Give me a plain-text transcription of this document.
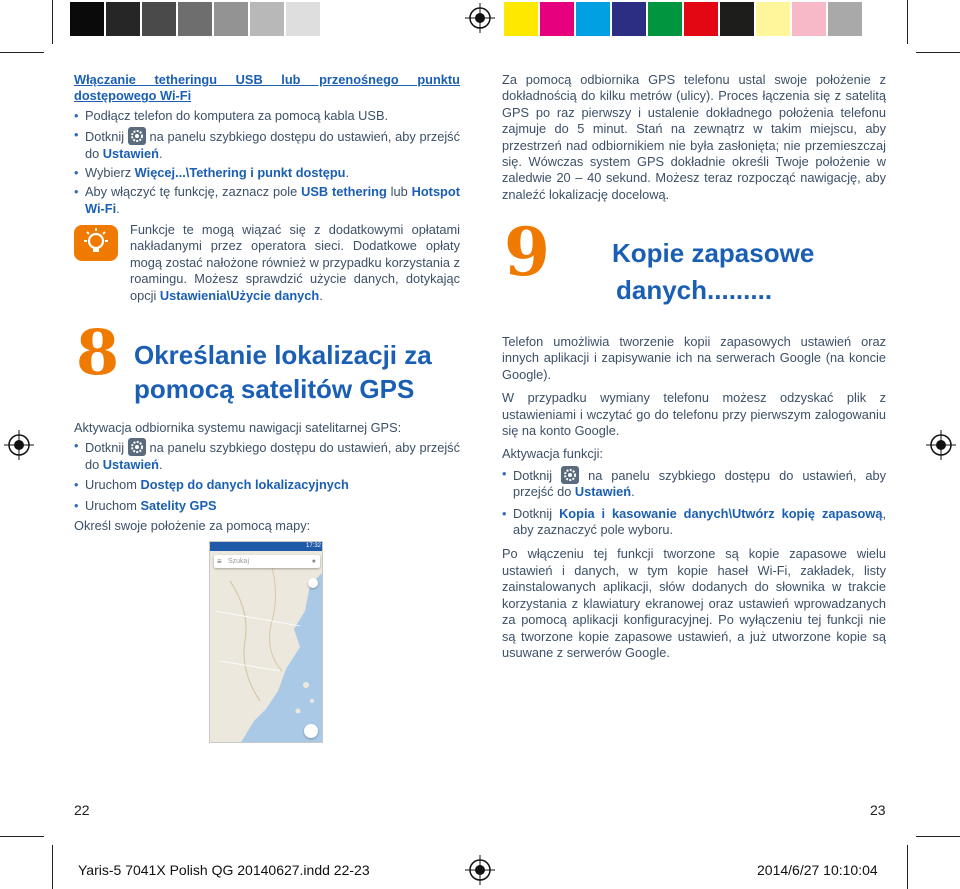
Włączanie tetheringu USB lub przenośnego punktu dostępowego Wi-Fi
• Podłącz telefon do komputera za pomocą kabla USB.
• Dotknij na panelu szybkiego dostępu do ustawień, aby przejść do Ustawień.
• Wybierz Więcej...\Tethering i punkt dostępu.
• Aby włączyć tę funkcję, zaznacz pole USB tethering lub Hotspot Wi-Fi.
Funkcje te mogą wiązać się z dodatkowymi opłatami nakładanymi przez operatora sieci. Dodatkowe opłaty mogą zostać nałożone również w przypadku korzystania z roamingu. Możesz sprawdzić użycie danych, dotykając opcji Ustawienia\Użycie danych.
8 Określanie lokalizacji za pomocą satelitów GPS
Aktywacja odbiornika systemu nawigacji satelitarnej GPS:
• Dotknij na panelu szybkiego dostępu do ustawień, aby przejść do Ustawień.
• Uruchom Dostęp do danych lokalizacyjnych
• Uruchom Satelity GPS
Określ swoje położenie za pomocą mapy:
17:32
≡ Szukaj	●
22
Za pomocą odbiornika GPS telefonu ustal swoje położenie z dokładnością do kilku metrów (ulicy). Proces łączenia się z satelitą GPS po raz pierwszy i ustalenie dokładnego położenia telefonu zajmuje do 5 minut. Stań na zewnątrz w takim miejscu, aby przestrzeń nad odbiornikiem nie była zasłonięta; nie przemieszczaj się. Wówczas system GPS dokładnie określi Twoje położenie w zaledwie 20 – 40 sekund. Możesz teraz rozpocząć nawigację, aby znaleźć lokalizację docelową.
9 Kopie zapasowe
danych.........
Telefon umożliwia tworzenie kopii zapasowych ustawień oraz innych aplikacji i zapisywanie ich na serwerach Google (na koncie Google).
W przypadku wymiany telefonu możesz odzyskać plik z ustawieniami i wczytać go do telefonu przy pierwszym zalogowaniu się na konto Google.
Aktywacja funkcji:
• Dotknij	na panelu szybkiego dostępu do ustawień, aby przejść do Ustawień.
• Dotknij Kopia i kasowanie danych\Utwórz kopię zapasową, aby zaznaczyć pole wyboru.
Po włączeniu tej funkcji tworzone są kopie zapasowe wielu ustawień i danych, w tym kopie haseł Wi-Fi, zakładek, listy zainstalowanych aplikacji, słów dodanych do słownika w trakcie korzystania z klawiatury ekranowej oraz ustawień wprowadzanych za pomocą aplikacji konfiguracyjnej. Po wyłączeniu tej funkcji nie są tworzone kopie zapasowe ustawień, a już utworzone kopie są usuwane z serwerów Google.
23
Yaris-5 7041X Polish QG 20140627.indd 22-23	2014/6/27 10:10:04
